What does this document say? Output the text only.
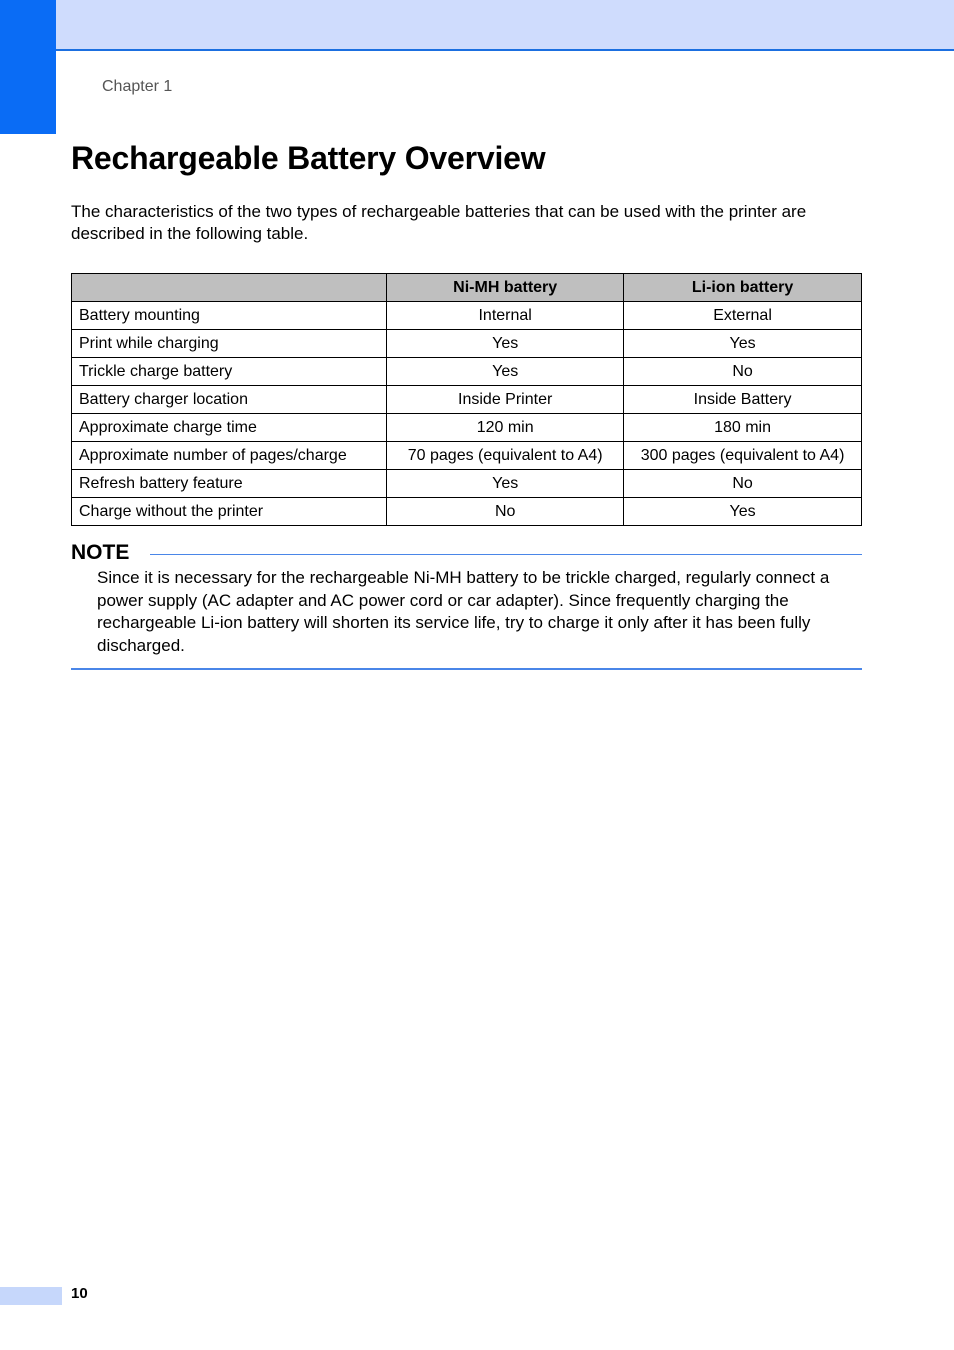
Chapter 1
Rechargeable Battery Overview

The characteristics of the two types of rechargeable batteries that can be used with the printer are described in the following table.

	Ni-MH battery	Li-ion battery
Battery mounting	Internal	External
Print while charging	Yes	Yes
Trickle charge battery	Yes	No
Battery charger location	Inside Printer	Inside Battery
Approximate charge time	120 min	180 min
Approximate number of pages/charge	70 pages (equivalent to A4)	300 pages (equivalent to A4)
Refresh battery feature	Yes	No
Charge without the printer	No	Yes
NOTE

Since it is necessary for the rechargeable Ni-MH battery to be trickle charged, regularly connect a power supply (AC adapter and AC power cord or car adapter). Since frequently charging the rechargeable Li-ion battery will shorten its service life, try to charge it only after it has been fully discharged.

10
